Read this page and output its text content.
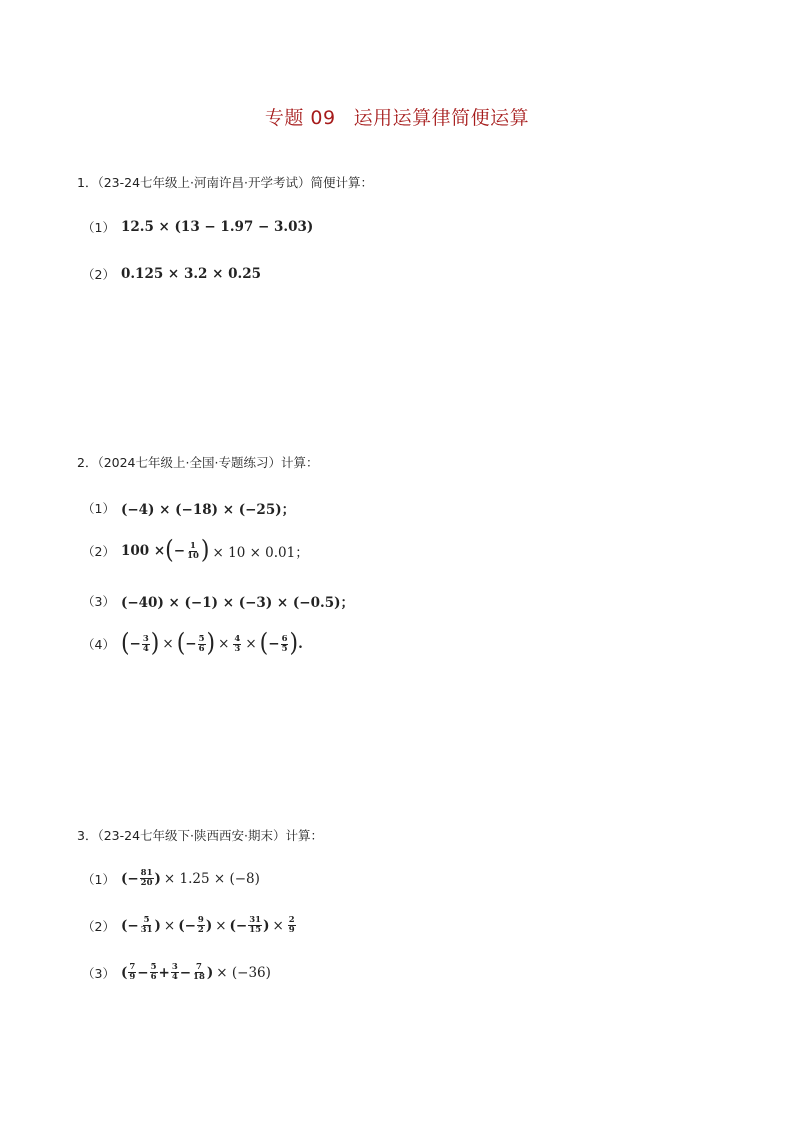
专题 09 运用运算律简便运算
1．（23-24七年级上·河南许昌·开学考试）简便计算：
（1） 12.5 × (13 − 1.97 − 3.03)
（2） 0.125 × 3.2 × 0.25
2．（2024七年级上·全国·专题练习）计算：
（1） (−4) × (−18) × (−25)；
（2） 100 × ( − $\frac{1}{10}$ ) × 10 × 0.01；
（3） (−40) × (−1) × (−3) × (−0.5)；
（4） ( − $\frac{3}{4}$ ) × ( − $\frac{5}{6}$ ) × $\frac{4}{3}$ × ( − $\frac{6}{5}$ ) .
3．（23-24七年级下·陕西西安·期末）计算：
（1） ( − $\frac{81}{20}$ ) × 1.25 × (−8)
（2） ( − $\frac{5}{31}$ ) × ( − $\frac{9}{2}$ ) × ( − $\frac{31}{15}$ ) × $\frac{2}{9}$
（3） ( $\frac{7}{9} - \frac{5}{6} + \frac{3}{4} - \frac{7}{18}$ ) × (−36)
